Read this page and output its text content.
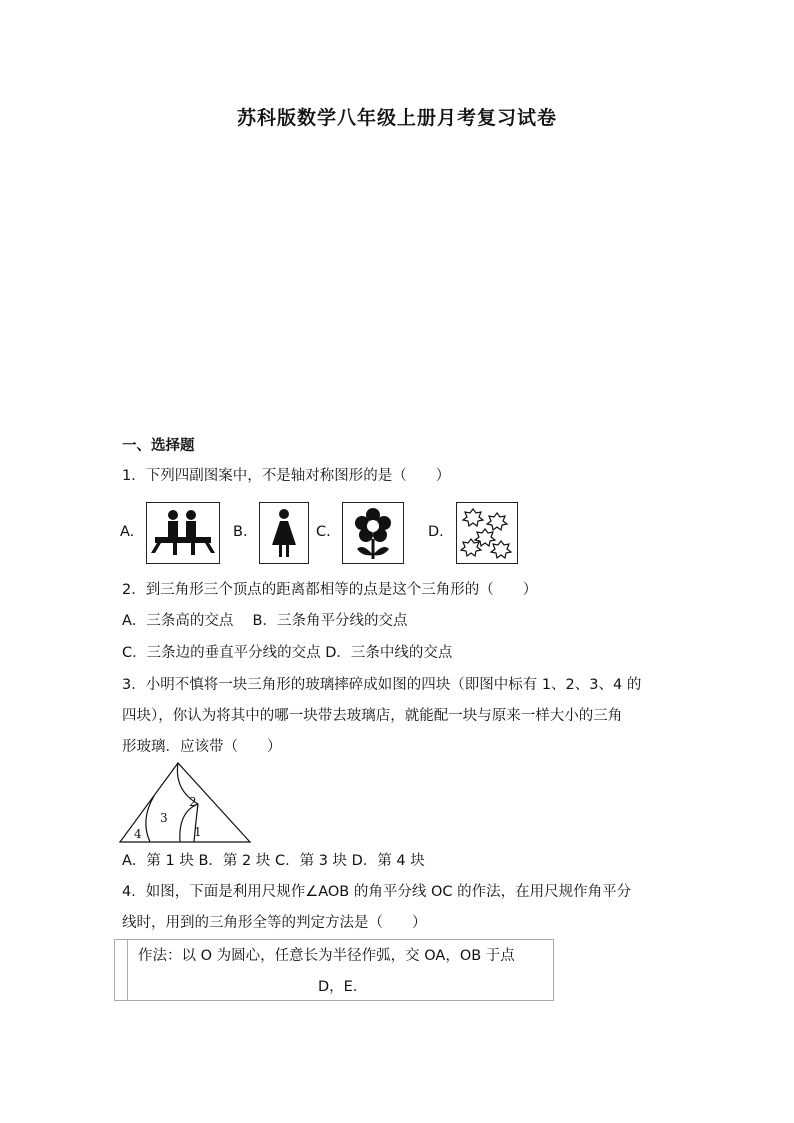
苏科版数学八年级上册月考复习试卷
一、选择题
1．下列四副图案中，不是轴对称图形的是（　　）
A.	B.	C.	D.
2．到三角形三个顶点的距离都相等的点是这个三角形的（　　）
A．三条高的交点　 B．三条角平分线的交点
C．三条边的垂直平分线的交点 D．三条中线的交点
3．小明不慎将一块三角形的玻璃摔碎成如图的四块（即图中标有 1、2、3、4 的
四块），你认为将其中的哪一块带去玻璃店，就能配一块与原来一样大小的三角
形玻璃．应该带（　　）
1
2
3
4
A．第 1 块 B．第 2 块 C．第 3 块 D．第 4 块
4．如图，下面是利用尺规作∠AOB 的角平分线 OC 的作法，在用尺规作角平分
线时，用到的三角形全等的判定方法是（　　）
作法：以 O 为圆心，任意长为半径作弧，交 OA，OB 于点
D，E．
